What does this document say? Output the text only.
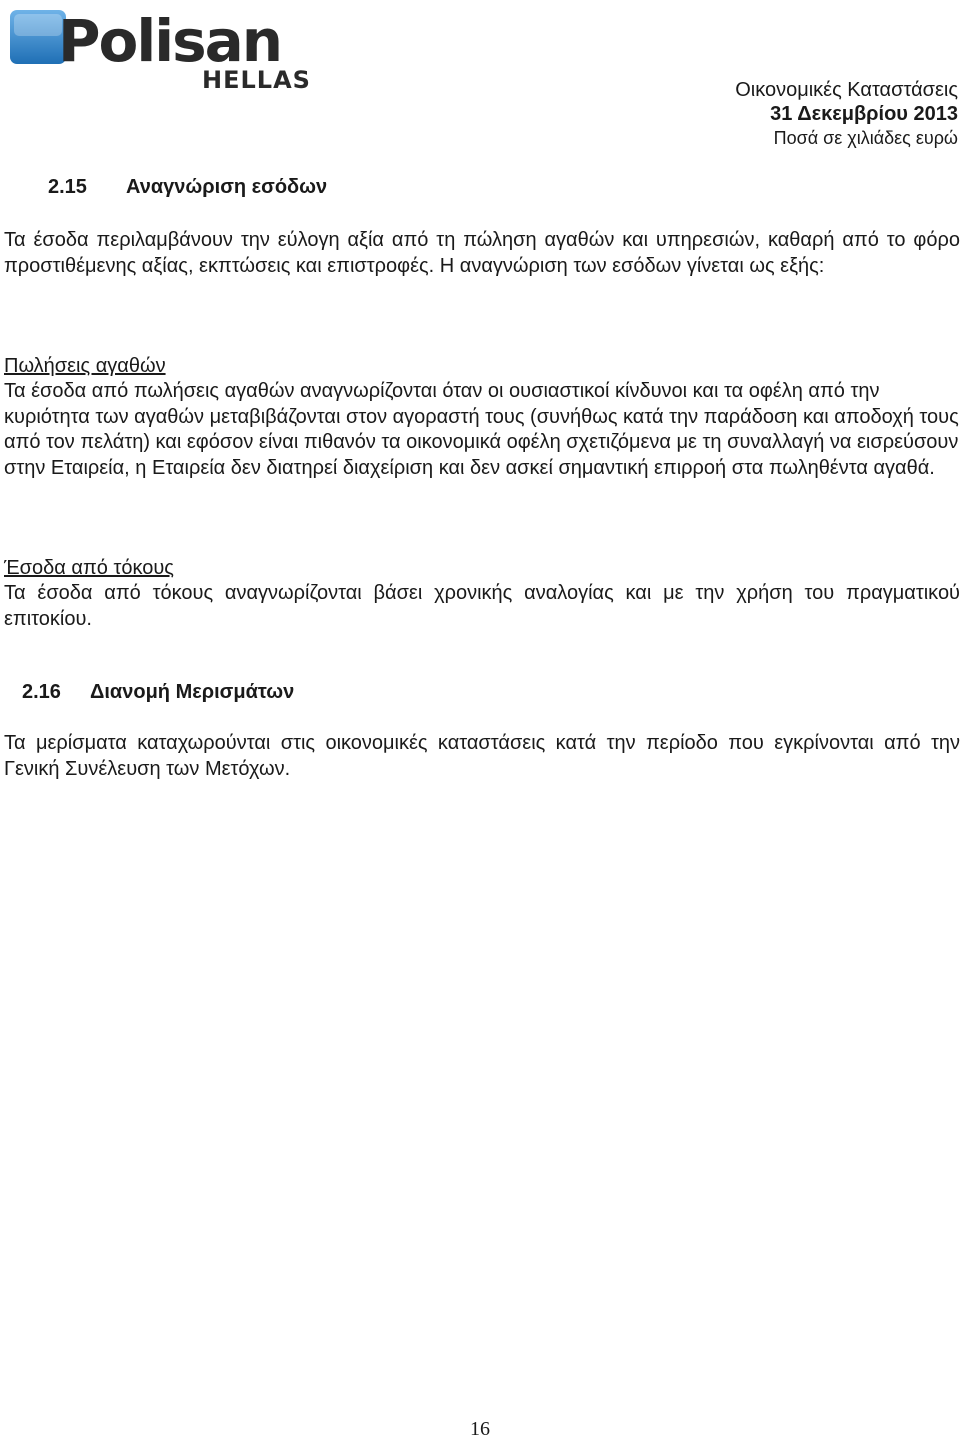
Polisan
HELLAS	Οικονομικές Καταστάσεις
31 Δεκεμβρίου 2013
Ποσά σε χιλιάδες ευρώ
2.15 Αναγνώριση εσόδων
Τα έσοδα περιλαμβάνουν την εύλογη αξία από τη πώληση αγαθών και υπηρεσιών, καθαρή από το φόρο προστιθέμενης αξίας, εκπτώσεις και επιστροφές. Η αναγνώριση των εσόδων γίνεται ως εξής:
Πωλήσεις αγαθών
Τα έσοδα από πωλήσεις αγαθών αναγνωρίζονται όταν οι ουσιαστικοί κίνδυνοι και τα οφέλη από την κυριότητα των αγαθών μεταβιβάζονται στον αγοραστή τους (συνήθως κατά την παράδοση και αποδοχή τους από τον πελάτη) και εφόσον είναι πιθανόν τα οικονομικά οφέλη σχετιζόμενα με τη συναλλαγή να εισρεύσουν στην Εταιρεία, η Εταιρεία δεν διατηρεί διαχείριση και δεν ασκεί σημαντική επιρροή στα πωληθέντα αγαθά.
Έσοδα από τόκους
Τα έσοδα από τόκους αναγνωρίζονται βάσει χρονικής αναλογίας και με την χρήση του πραγματικού επιτοκίου.
2.16 Διανομή Μερισμάτων
Τα μερίσματα καταχωρούνται στις οικονομικές καταστάσεις κατά την περίοδο που εγκρίνονται από την Γενική Συνέλευση των Μετόχων.
16
